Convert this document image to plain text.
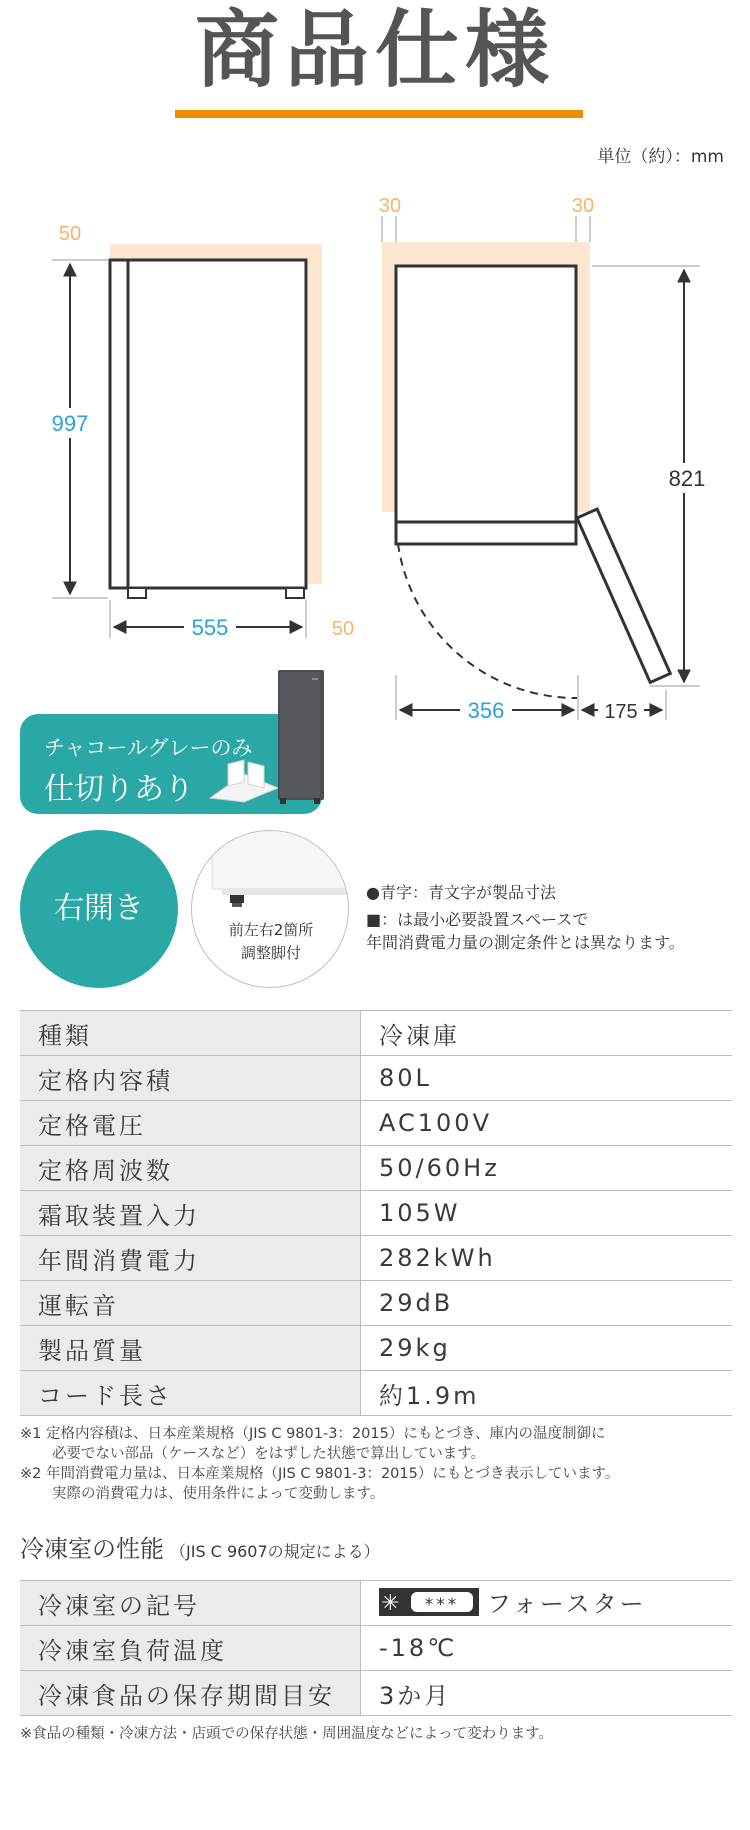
商品仕様
単位（約）：mm
50
997
555	50
30	30
821
356	175
チャコールグレーのみ
仕切りあり
右開き
前左右2箇所
調整脚付
●青字：青文字が製品寸法
■：は最小必要設置スペースで
年間消費電力量の測定条件とは異なります。
種類	冷凍庫
定格内容積	80L
定格電圧	AC100V
定格周波数	50/60Hz
霜取装置入力	105W
年間消費電力	282kWh
運転音	29dB
製品質量	29kg
コード長さ	約1.9m
※1 定格内容積は、日本産業規格（JIS C 9801-3：2015）にもとづき、庫内の温度制御に
必要でない部品（ケースなど）をはずした状態で算出しています。
※2 年間消費電力量は、日本産業規格（JIS C 9801-3：2015）にもとづき表示しています。
実際の消費電力は、使用条件によって変動します。
冷凍室の性能 （JIS C 9607の規定による）
冷凍室の記号	✳ *** フォースター
冷凍室負荷温度	-18℃
冷凍食品の保存期間目安	3か月
※食品の種類・冷凍方法・店頭での保存状態・周囲温度などによって変わります。
